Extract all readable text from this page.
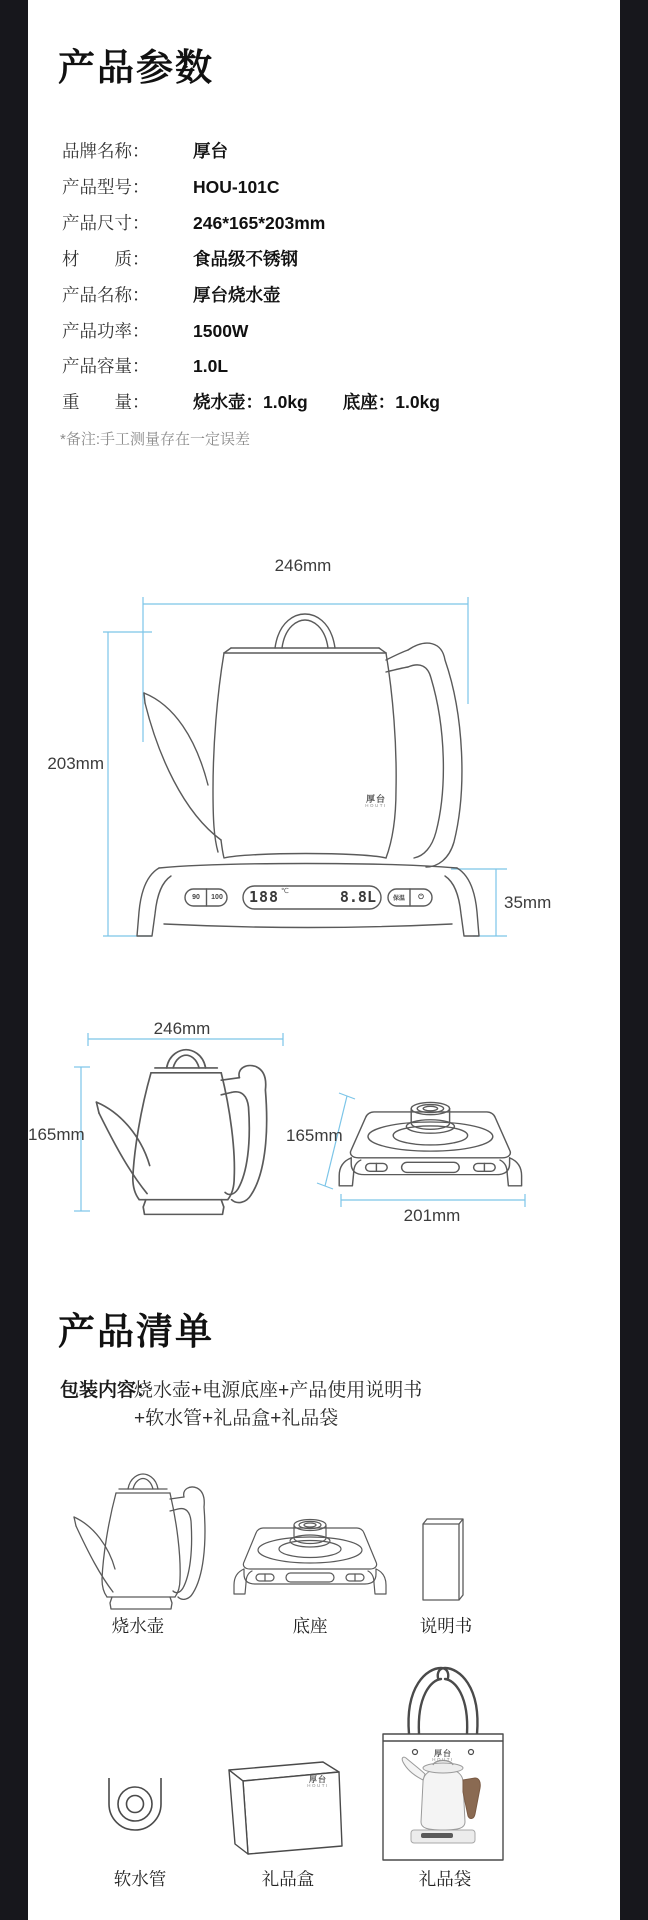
产品参数
品牌名称： 厚台
产品型号： HOU-101C
产品尺寸： 246*165*203mm
材　　质： 食品级不锈钢
产品名称： 厚台烧水壶
产品功率： 1500W
产品容量： 1.0L
重　　量： 烧水壶：1.0kg　　底座：1.0kg
*备注:手工测量存在一定误差
246mm
203mm
35mm
厚台
HOUTI
188 ℃	8.8L
90	100	保温	⏻
246mm
165mm	165mm
201mm
产品清单
包装内容：
烧水壶+电源底座+产品使用说明书
+软水管+礼品盒+礼品袋
烧水壶	底座	说明书
厚台
HOUTI
厚台
HOUTI
软水管	礼品盒	礼品袋
